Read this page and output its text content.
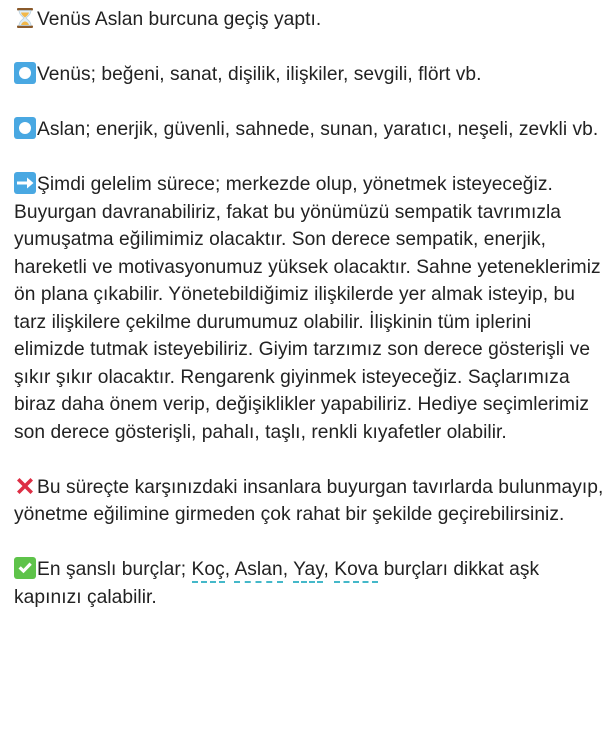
Venüs Aslan burcuna geçiş yaptı.

Venüs; beğeni, sanat, dişilik, ilişkiler, sevgili, flört vb.

Aslan; enerjik, güvenli, sahnede, sunan, yaratıcı, neşeli, zevkli vb.

Şimdi gelelim sürece; merkezde olup, yönetmek isteyeceğiz. Buyurgan davranabiliriz, fakat bu yönümüzü sempatik tavrımızla yumuşatma eğilimimiz olacaktır. Son derece sempatik, enerjik, hareketli ve motivasyonumuz yüksek olacaktır. Sahne yeteneklerimiz ön plana çıkabilir. Yönetebildiğimiz ilişkilerde yer almak isteyip, bu tarz ilişkilere çekilme durumumuz olabilir. İlişkinin tüm iplerini elimizde tutmak isteyebiliriz. Giyim tarzımız son derece gösterişli ve şıkır şıkır olacaktır. Rengarenk giyinmek isteyeceğiz. Saçlarımıza biraz daha önem verip, değişiklikler yapabiliriz. Hediye seçimlerimiz son derece gösterişli, pahalı, taşlı, renkli kıyafetler olabilir.

Bu süreçte karşınızdaki insanlara buyurgan tavırlarda bulunmayıp, yönetme eğilimine girmeden çok rahat bir şekilde geçirebilirsiniz.

En şanslı burçlar; Koç, Aslan, Yay, Kova burçları dikkat aşk kapınızı çalabilir.
